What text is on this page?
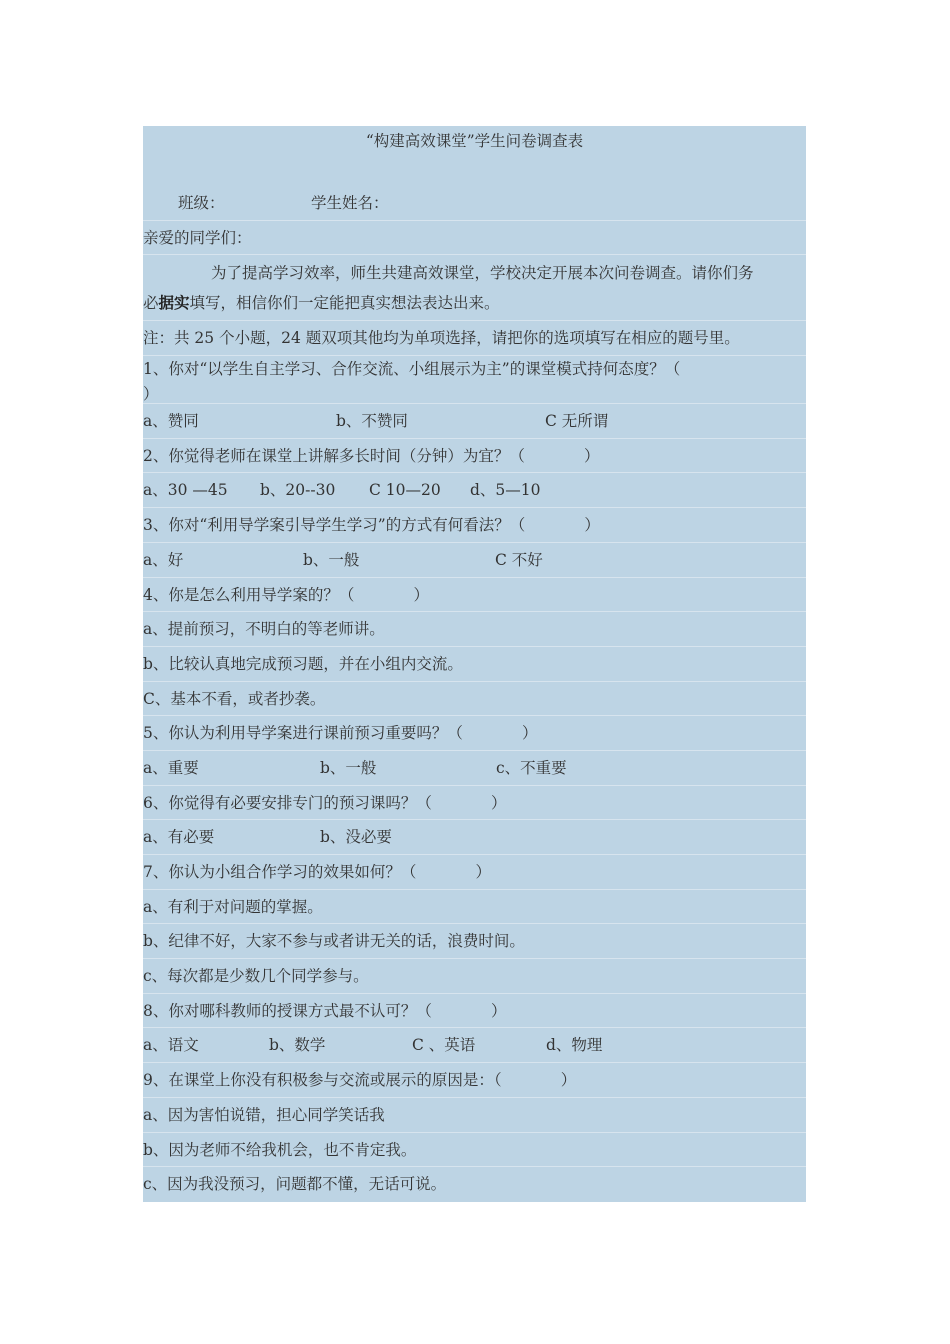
“构建高效课堂”学生问卷调查表
班级：	学生姓名：
亲爱的同学们：
为了提高学习效率，师生共建高效课堂，学校决定开展本次问卷调查。请你们务
必据实填写，相信你们一定能把真实想法表达出来。
注：共 25 个小题，24 题双项其他均为单项选择，请把你的选项填写在相应的题号里。
1、你对“以学生自主学习、合作交流、小组展示为主”的课堂模式持何态度？（
）
a、赞同	b、不赞同	C 无所谓
2、你觉得老师在课堂上讲解多长时间（分钟）为宜？（            ）
a、30 —45 b、20--30 C 10—20 d、5—10
3、你对“利用导学案引导学生学习”的方式有何看法？（            ）
a、好	b、一般	C 不好
4、你是怎么利用导学案的？（            ）
a、提前预习，不明白的等老师讲。
b、比较认真地完成预习题，并在小组内交流。
C、基本不看，或者抄袭。
5、你认为利用导学案进行课前预习重要吗？（            ）
a、重要	b、一般	c、不重要
6、你觉得有必要安排专门的预习课吗？（            ）
a、有必要	b、没必要
7、你认为小组合作学习的效果如何？（            ）
a、有利于对问题的掌握。
b、纪律不好，大家不参与或者讲无关的话，浪费时间。
c、每次都是少数几个同学参与。
8、你对哪科教师的授课方式最不认可？（            ）
a、语文	b、数学	C 、英语	d、物理
9、在课堂上你没有积极参与交流或展示的原因是：（            ）
a、因为害怕说错，担心同学笑话我
b、因为老师不给我机会，也不肯定我。
c、因为我没预习，问题都不懂，无话可说。
